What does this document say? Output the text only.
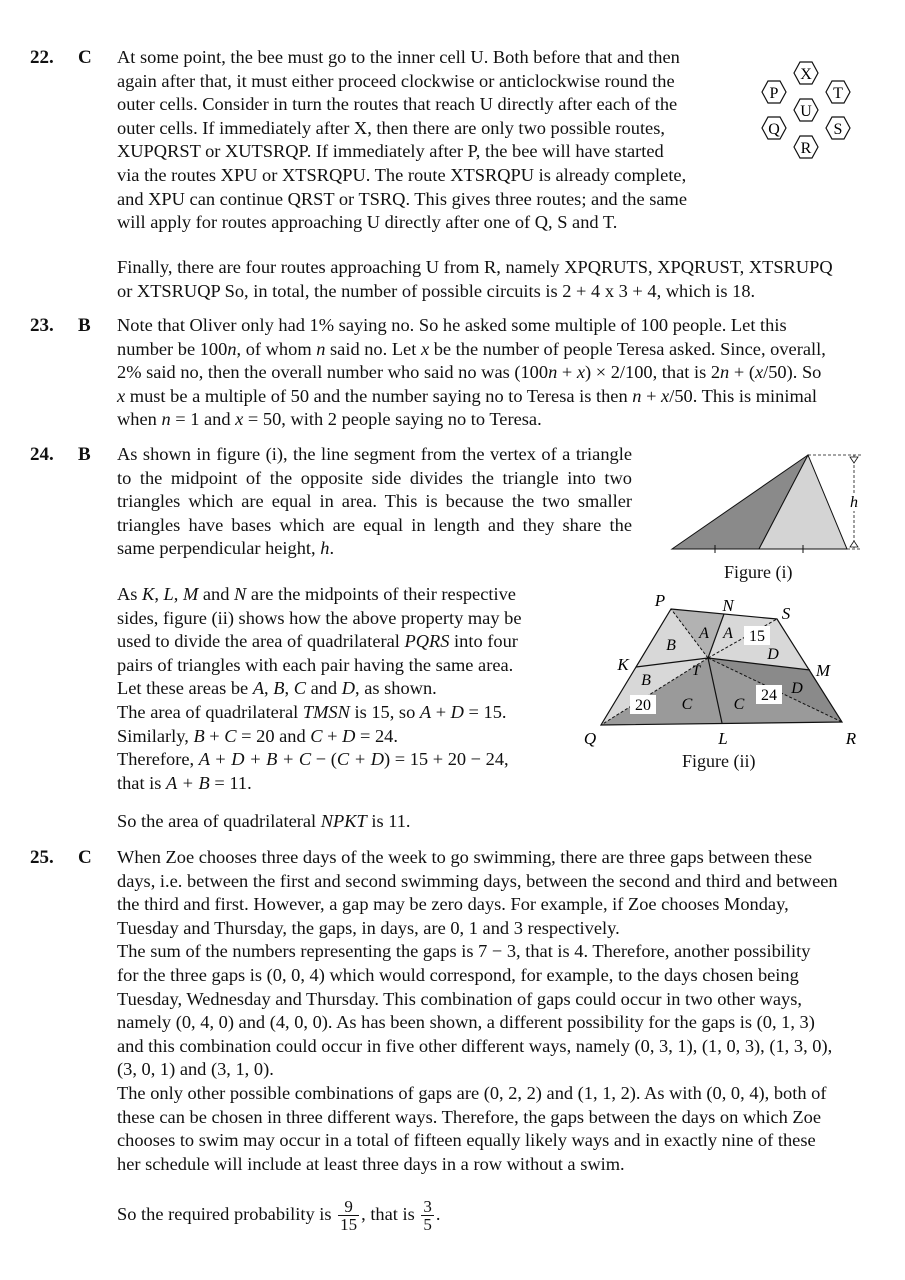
22. C At some point, the bee must go to the inner cell U. Both before that and then

again after that, it must either proceed clockwise or anticlockwise round the

outer cells. Consider in turn the routes that reach U directly after each of the

outer cells. If immediately after X, then there are only two possible routes,

XUPQRST or XUTSRQP. If immediately after P, the bee will have started

via the routes XPU or XTSRQPU. The route XTSRQPU is already complete,

and XPU can continue QRST or TSRQ. This gives three routes; and the same

will apply for routes approaching U directly after one of Q, S and T.

X
P	T
U
Q	S
R

Finally, there are four routes approaching U from R, namely XPQRUTS, XPQRUST, XTSRUPQ

or XTSRUQP So, in total, the number of possible circuits is 2 + 4 x 3 + 4, which is 18.

23. B Note that Oliver only had 1% saying no. So he asked some multiple of 100 people. Let this

number be 100n, of whom n said no. Let x be the number of people Teresa asked. Since, overall,

2% said no, then the overall number who said no was (100n + x) × 2/100, that is 2n + (x/50). So

x must be a multiple of 50 and the number saying no to Teresa is then n + x/50. This is minimal

when n = 1 and x = 50, with 2 people saying no to Teresa.

24. B As shown in figure (i), the line segment from the vertex of a triangle to the midpoint of the opposite side divides the triangle into two triangles which are equal in area. This is because the two smaller triangles have bases which are equal in length and they share the same perpendicular height, h.

h
Figure (i)

As K, L, M and N are the midpoints of their respective

sides, figure (ii) shows how the above property may be

used to divide the area of quadrilateral PQRS into four

pairs of triangles with each pair having the same area.

Let these areas be A, B, C and D, as shown.

The area of quadrilateral TMSN is 15, so A + D = 15.

Similarly, B + C = 20 and C + D = 24.

Therefore, A + D + B + C − (C + D) = 15 + 20 − 24,

that is A + B = 11.

P	N	S
K	M
Q	L	R
T
A A
B
B
C	C
D
D
15
20
24
Figure (ii)

So the area of quadrilateral NPKT is 11.

25. C When Zoe chooses three days of the week to go swimming, there are three gaps between these

days, i.e. between the first and second swimming days, between the second and third and between

the third and first. However, a gap may be zero days. For example, if Zoe chooses Monday,

Tuesday and Thursday, the gaps, in days, are 0, 1 and 3 respectively.

The sum of the numbers representing the gaps is 7 − 3, that is 4. Therefore, another possibility

for the three gaps is (0, 0, 4) which would correspond, for example, to the days chosen being

Tuesday, Wednesday and Thursday. This combination of gaps could occur in two other ways,

namely (0, 4, 0) and (4, 0, 0). As has been shown, a different possibility for the gaps is (0, 1, 3)

and this combination could occur in five other different ways, namely (0, 3, 1), (1, 0, 3), (1, 3, 0),

(3, 0, 1) and (3, 1, 0).

The only other possible combinations of gaps are (0, 2, 2) and (1, 1, 2). As with (0, 0, 4), both of

these can be chosen in three different ways. Therefore, the gaps between the days on which Zoe

chooses to swim may occur in a total of fifteen equally likely ways and in exactly nine of these

her schedule will include at least three days in a row without a swim.

So the required probability is $\frac{9}{15}$ , that is $\frac{3}{5}$ .
